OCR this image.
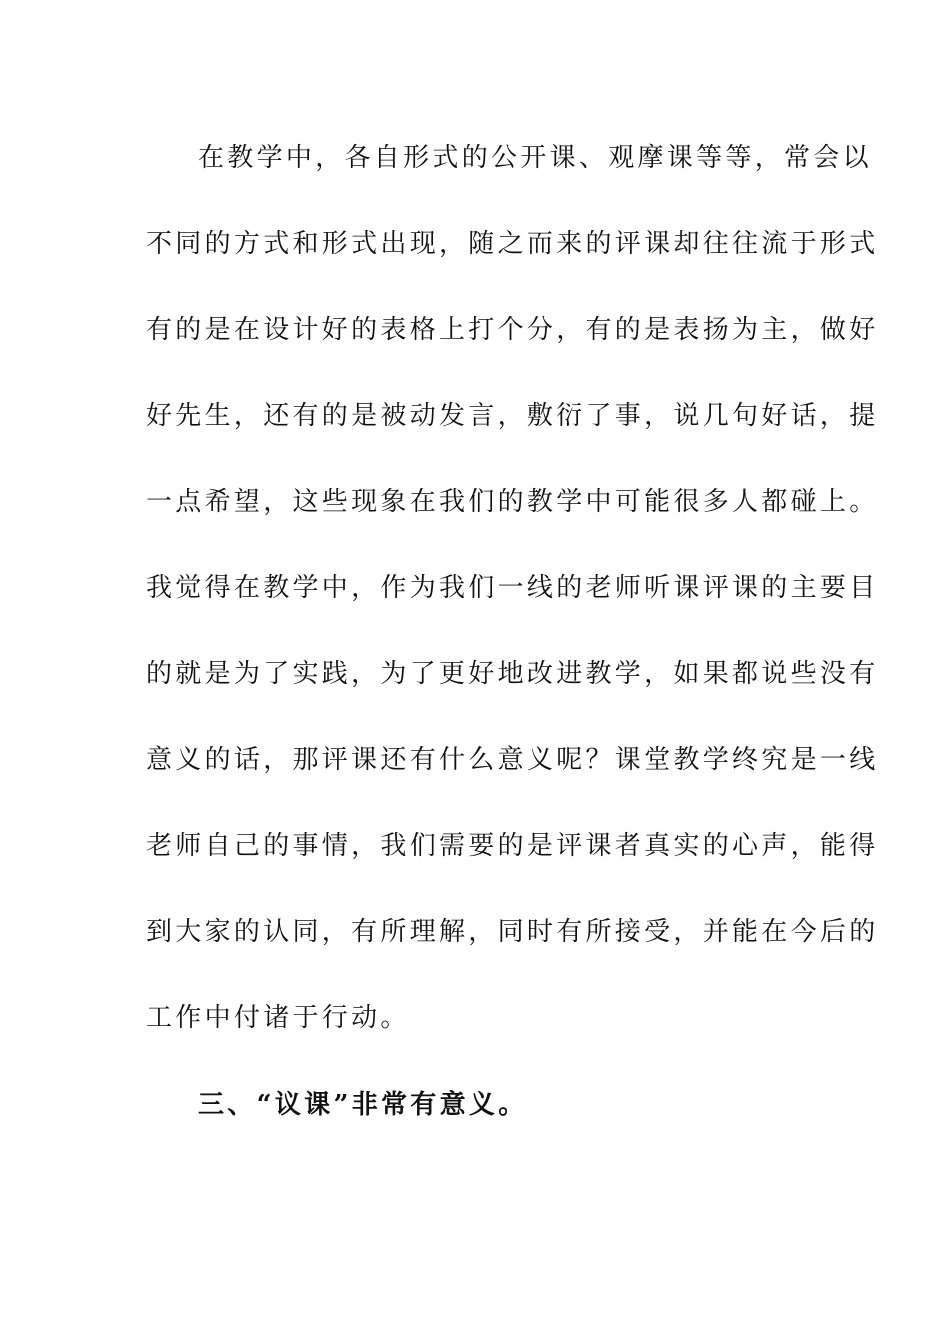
在教学中，各自形式的公开课、观摩课等等，常会以
不同的方式和形式出现，随之而来的评课却往往流于形式
有的是在设计好的表格上打个分，有的是表扬为主，做好
好先生，还有的是被动发言，敷衍了事，说几句好话，提
一点希望，这些现象在我们的教学中可能很多人都碰上。
我觉得在教学中，作为我们一线的老师听课评课的主要目
的就是为了实践，为了更好地改进教学，如果都说些没有
意义的话，那评课还有什么意义呢？课堂教学终究是一线
老师自己的事情，我们需要的是评课者真实的心声，能得
到大家的认同，有所理解，同时有所接受，并能在今后的
工作中付诸于行动。
三、“议课”非常有意义。
